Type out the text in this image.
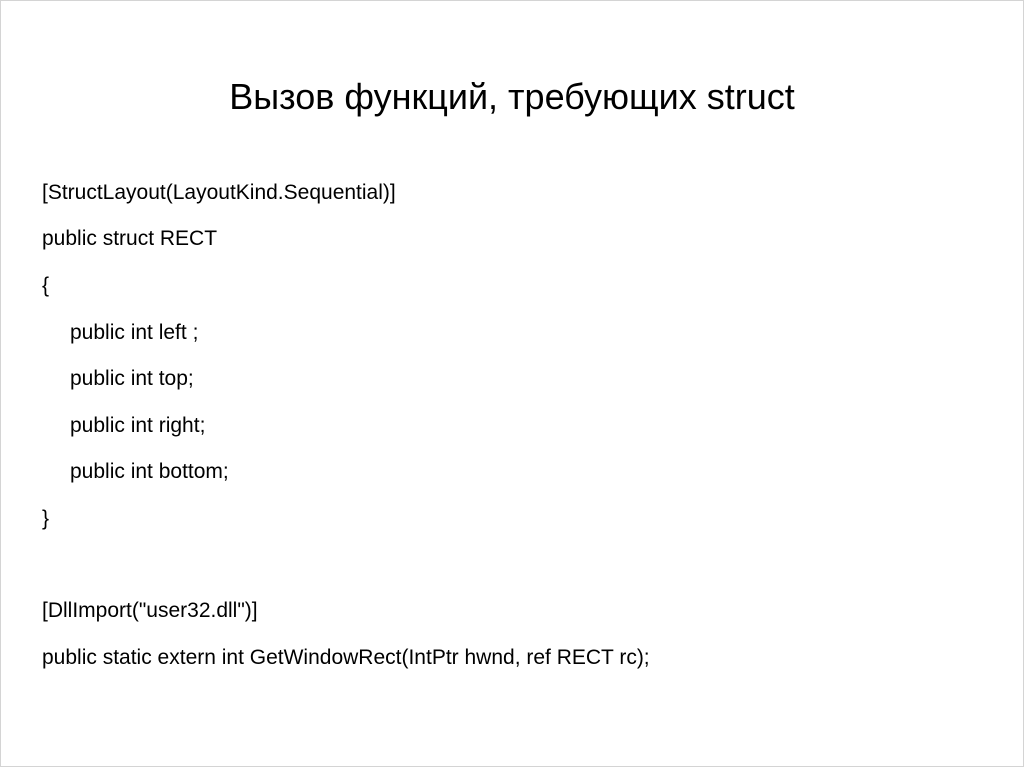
Вызов функций, требующих struct
[StructLayout(LayoutKind.Sequential)]
public struct RECT
{
public int left ;
public int top;
public int right;
public int bottom;
}
[DllImport("user32.dll")]
public static extern int GetWindowRect(IntPtr hwnd, ref RECT rc);
